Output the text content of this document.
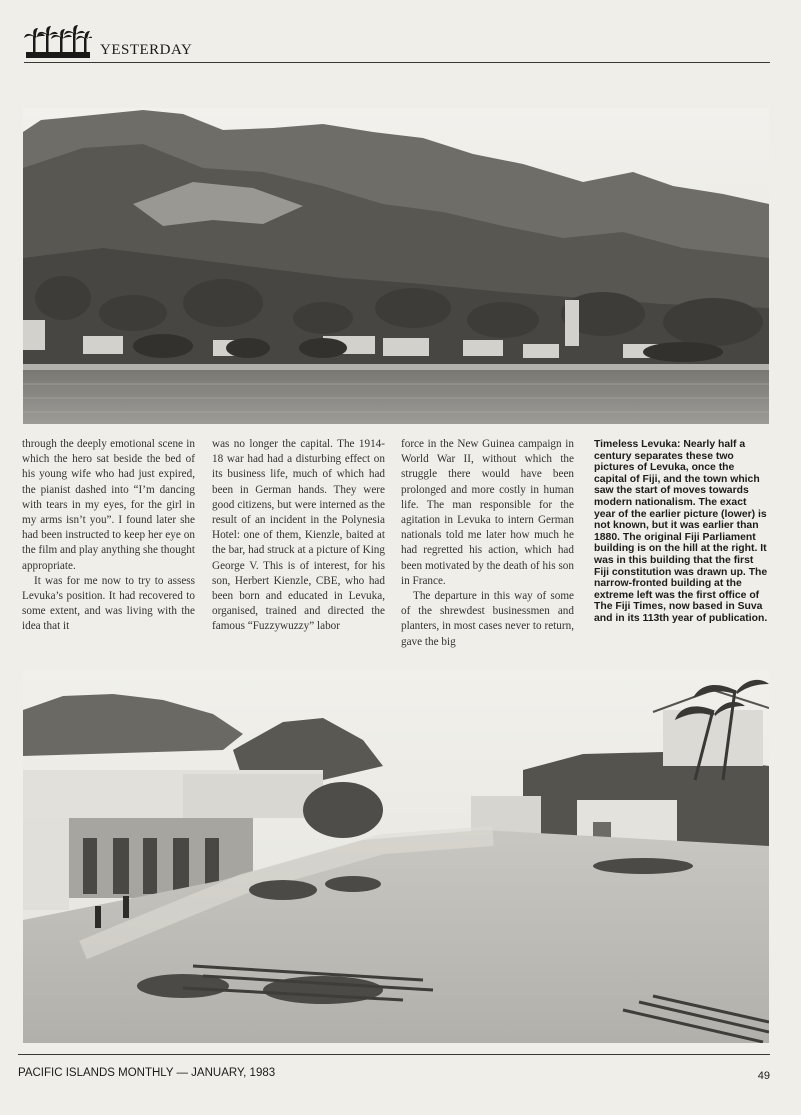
YESTERDAY

through the deeply emotional scene in which the hero sat beside the bed of his young wife who had just expired, the pianist dashed into “I’m dancing with tears in my eyes, for the girl in my arms isn’t you”. I found later she had been instructed to keep her eye on the film and play anything she thought appropriate.

It was for me now to try to assess Levuka’s position. It had recovered to some extent, and was living with the idea that it

was no longer the capital. The 1914-18 war had had a disturbing effect on its business life, much of which had been in German hands. They were good citizens, but were interned as the result of an incident in the Polynesia Hotel: one of them, Kienzle, baited at the bar, had struck at a picture of King George V. This is of interest, for his son, Herbert Kienzle, CBE, who had been born and educated in Levuka, organised, trained and directed the famous “Fuzzywuzzy” labor

force in the New Guinea campaign in World War II, without which the struggle there would have been prolonged and more costly in human life. The man responsible for the agitation in Levuka to intern German nationals told me later how much he had regretted his action, which had been motivated by the death of his son in France.

The departure in this way of some of the shrewdest businessmen and planters, in most cases never to return, gave the big

Timeless Levuka: Nearly half a century separates these two pictures of Levuka, once the capital of Fiji, and the town which saw the start of moves towards modern nationalism. The exact year of the earlier picture (lower) is not known, but it was earlier than 1880. The original Fiji Parliament building is on the hill at the right. It was in this building that the first Fiji constitution was drawn up. The narrow-fronted building at the extreme left was the first office of The Fiji Times, now based in Suva and in its 113th year of publication.
PACIFIC ISLANDS MONTHLY — JANUARY, 1983	49
